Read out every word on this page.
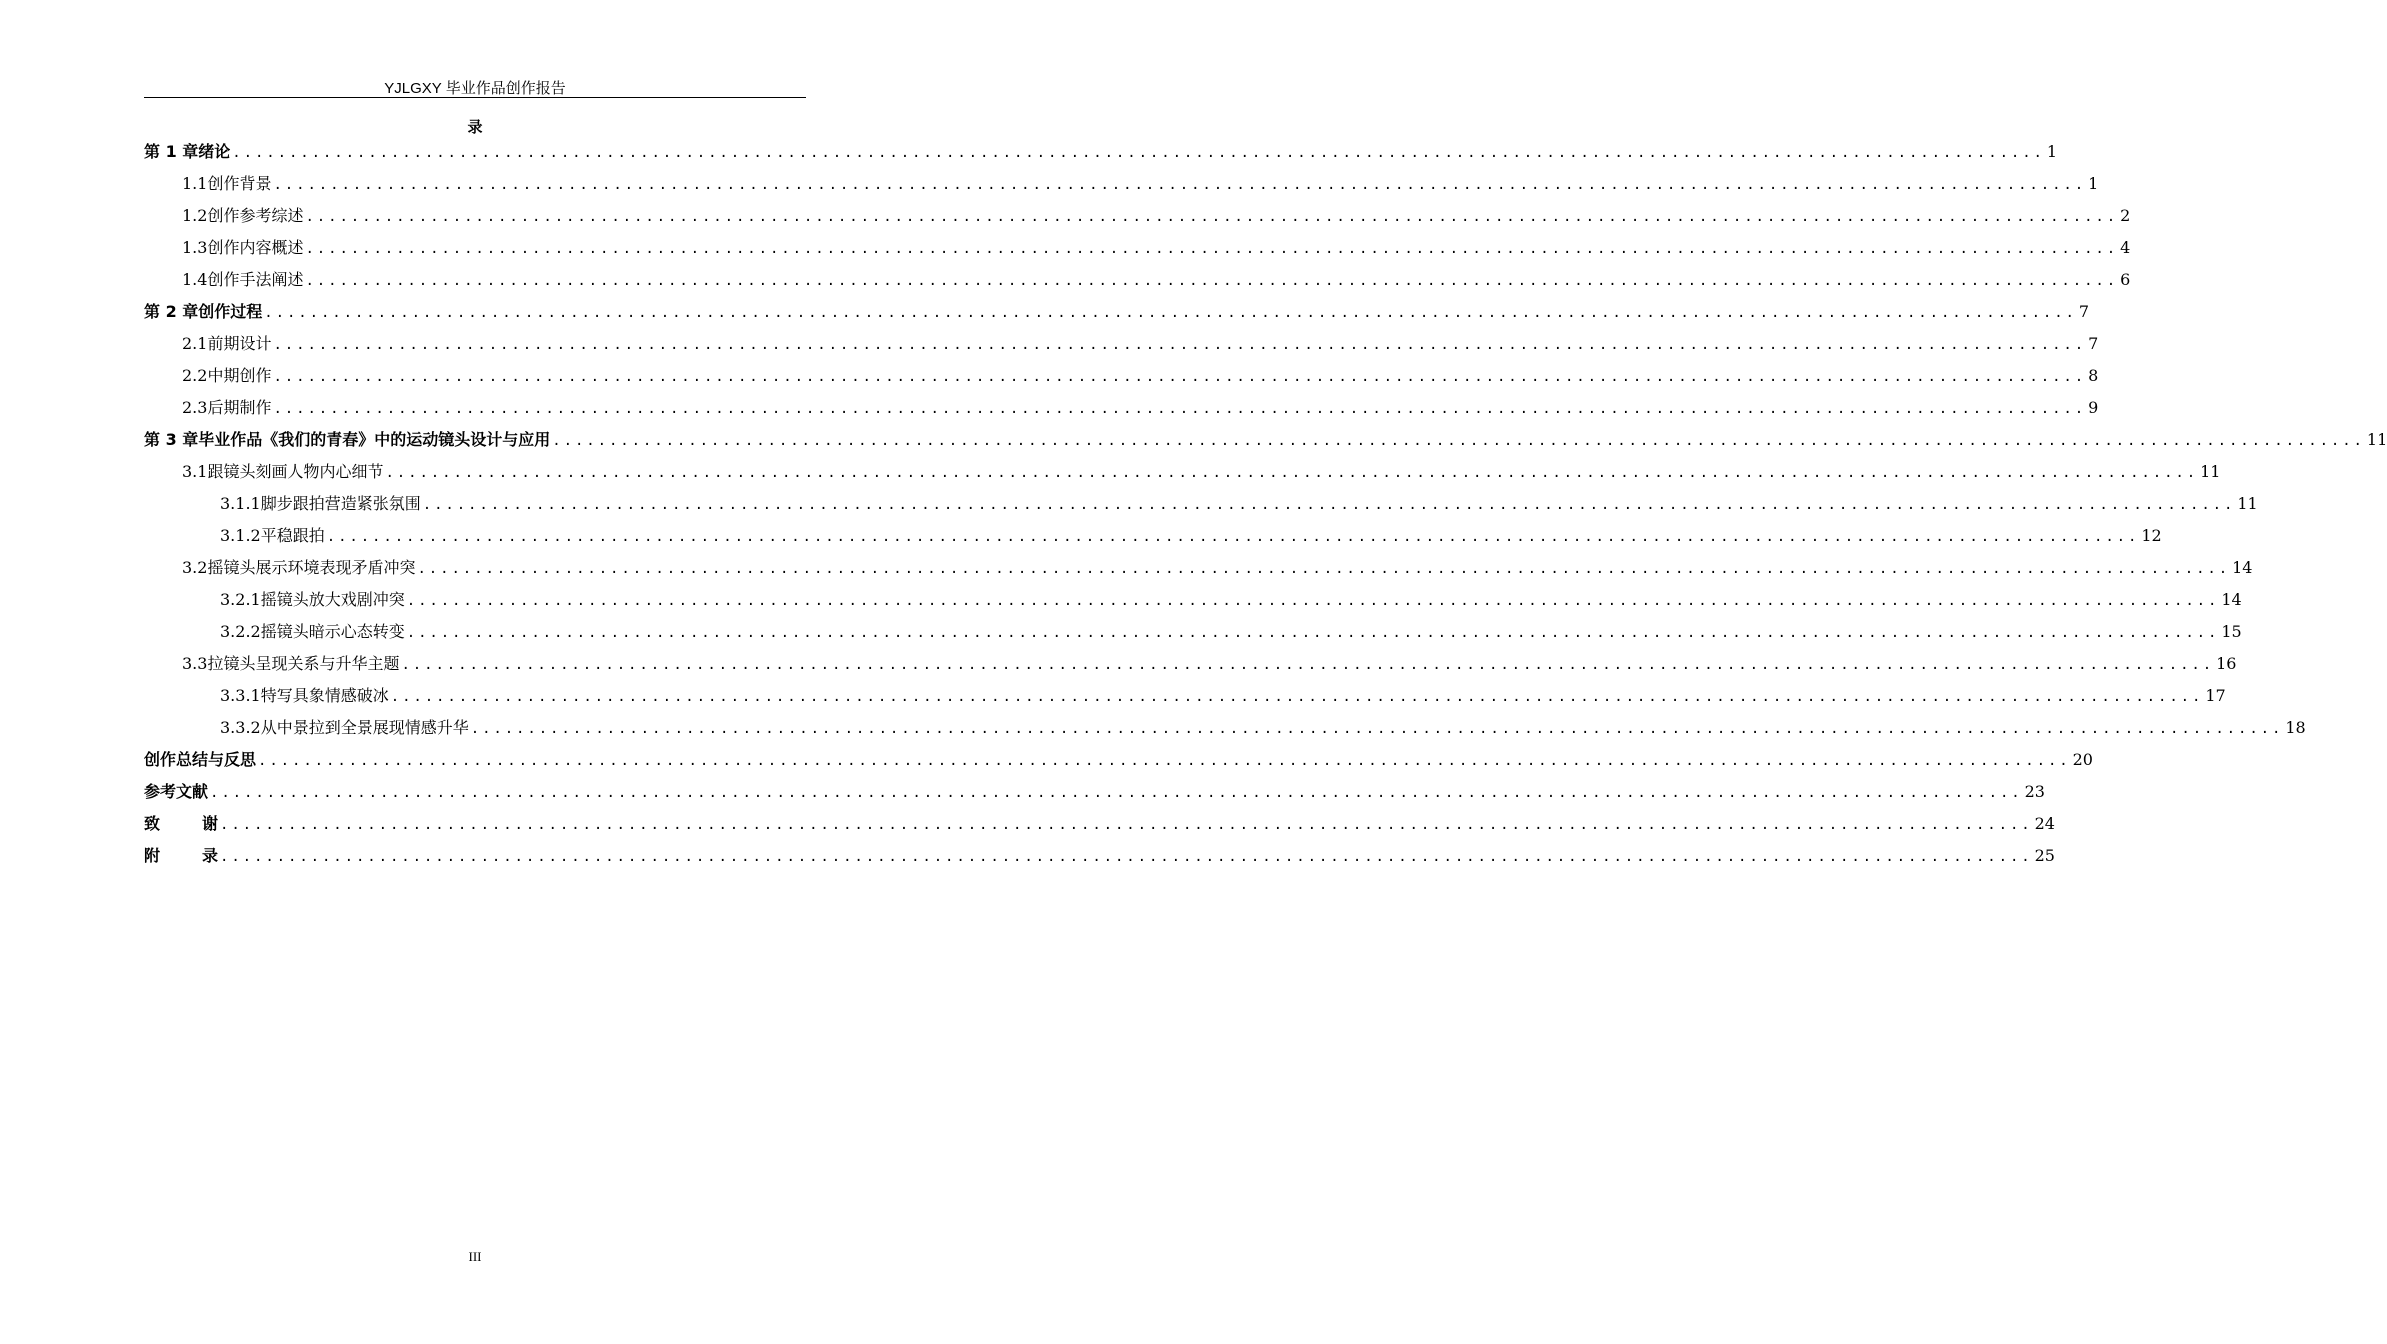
YJLGXY 毕业作品创作报告
录
第 1 章 绪论 ................................................................................................................................................................ 1
1.1 创作背景 ................................................................................................................................................................ 1
1.2 创作参考综述 ................................................................................................................................................................ 2
1.3 创作内容概述 ................................................................................................................................................................ 4
1.4 创作手法阐述 ................................................................................................................................................................ 6
第 2 章 创作过程 ................................................................................................................................................................ 7
2.1 前期设计 ................................................................................................................................................................ 7
2.2 中期创作 ................................................................................................................................................................ 8
2.3 后期制作 ................................................................................................................................................................ 9
第 3 章 毕业作品《我们的青春》中的运动镜头设计与应用 ................................................................................................................................................................ 11
3.1 跟镜头刻画人物内心细节 ................................................................................................................................................................ 11
3.1.1 脚步跟拍营造紧张氛围 ................................................................................................................................................................ 11
3.1.2 平稳跟拍 ................................................................................................................................................................ 12
3.2 摇镜头展示环境表现矛盾冲突 ................................................................................................................................................................ 14
3.2.1 摇镜头放大戏剧冲突 ................................................................................................................................................................ 14
3.2.2 摇镜头暗示心态转变 ................................................................................................................................................................ 15
3.3 拉镜头呈现关系与升华主题 ................................................................................................................................................................ 16
3.3.1 特写具象情感破冰 ................................................................................................................................................................ 17
3.3.2 从中景拉到全景展现情感升华 ................................................................................................................................................................ 18
创作总结与反思 ................................................................................................................................................................ 20
参考文献 ................................................................................................................................................................ 23
致谢
................................................................................................................................................................ 24
附录
................................................................................................................................................................ 25
III
